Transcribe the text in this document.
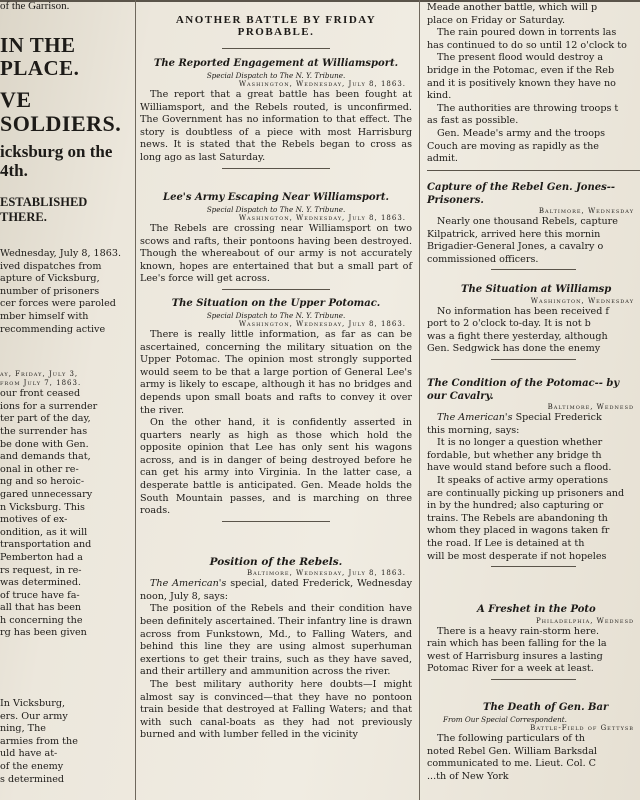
of the Garrison.

IN THE PLACE.

VE SOLDIERS.

icksburg on the 4th.

ESTABLISHED THERE.

Wednesday, July 8, 1863.

ived dispatches from

apture of Vicksburg,

number of prisoners

cer forces were paroled

mber himself with

recommending active

ay, Friday, July 3,

from July 7, 1863.

our front ceased

ions for a surrender

ter part of the day,

the surrender has

be done with Gen.

and demands that,

onal in other re-

ng and so heroic-

gared unnecessary

n Vicksburg. This

motives of ex-

ondition, as it will

transportation and

Pemberton had a

rs request, in re-

was determined.

of truce have fa-

all that has been

h concerning the

rg has been given

In Vicksburg,

ers. Our army

ning, The

armies from the

uld have at-

of the enemy

s determined

ANOTHER BATTLE BY FRIDAY PROBABLE.

The Reported Engagement at Williamsport.

Special Dispatch to The N. Y. Tribune.

Washington, Wednesday, July 8, 1863.

The report that a great battle has been fought at Williamsport, and the Rebels routed, is unconfirmed. The Government has no information to that effect. The story is doubtless of a piece with most Harrisburg news. It is stated that the Rebels began to cross as long ago as last Saturday.

Lee's Army Escaping Near Williamsport.

Special Dispatch to The N. Y. Tribune.

Washington, Wednesday, July 8, 1863.

The Rebels are crossing near Williamsport on two scows and rafts, their pontoons having been destroyed. Though the whereabout of our army is not accurately known, hopes are entertained that but a small part of Lee's force will get across.

The Situation on the Upper Potomac.

Special Dispatch to The N. Y. Tribune.

Washington, Wednesday, July 8, 1863.

There is really little information, as far as can be ascertained, concerning the military situation on the Upper Potomac. The opinion most strongly supported would seem to be that a large portion of General Lee's army is likely to escape, although it has no bridges and depends upon small boats and rafts to convey it over the river.

On the other hand, it is confidently asserted in quarters nearly as high as those which hold the opposite opinion that Lee has only sent his wagons across, and is in danger of being destroyed before he can get his army into Virginia. In the latter case, a desperate battle is anticipated. Gen. Meade holds the South Mountain passes, and is marching on three roads.

Position of the Rebels.

Baltimore, Wednesday, July 8, 1863.

The American's special, dated Frederick, Wednesday noon, July 8, says:

The position of the Rebels and their condition have been definitely ascertained. Their infantry line is drawn across from Funkstown, Md., to Falling Waters, and behind this line they are using almost superhuman exertions to get their trains, such as they have saved, and their artillery and ammunition across the river.

The best military authority here doubts—I might almost say is convinced—that they have no pontoon train beside that destroyed at Falling Waters; and that with such canal-boats as they had not previously burned and with lumber felled in the vicinity

Meade another battle, which will p

place on Friday or Saturday.

The rain poured down in torrents las

has continued to do so until 12 o'clock to

The present flood would destroy a

bridge in the Potomac, even if the Reb

and it is positively known they have no

kind.

The authorities are throwing troops t

as fast as possible.

Gen. Meade's army and the troops

Couch are moving as rapidly as the

admit.

Capture of the Rebel Gen. Jones-- Prisoners.

Baltimore, Wednesday

Nearly one thousand Rebels, capture

Kilpatrick, arrived here this mornin

Brigadier-General Jones, a cavalry o

commissioned officers.

The Situation at Williamsp

Washington, Wednesday

No information has been received f

port to 2 o'clock to-day. It is not b

was a fight there yesterday, although

Gen. Sedgwick has done the enemy

The Condition of the Potomac-- by our Cavalry.

Baltimore, Wednesd

The American's Special Frederick

this morning, says:

It is no longer a question whether

fordable, but whether any bridge th

have would stand before such a flood.

It speaks of active army operations

are continually picking up prisoners and

in by the hundred; also capturing or

trains. The Rebels are abandoning th

whom they placed in wagons taken fr

the road. If Lee is detained at th

will be most desperate if not hopeles

A Freshet in the Poto

Philadelphia, Wednesd

There is a heavy rain-storm here.

rain which has been falling for the la

west of Harrisburg insures a lasting

Potomac River for a week at least.

The Death of Gen. Bar

From Our Special Correspondent.

Battle-Field of Gettysb

The following particulars of th

noted Rebel Gen. William Barksdal

communicated to me. Lieut. Col. C

...th of New York
